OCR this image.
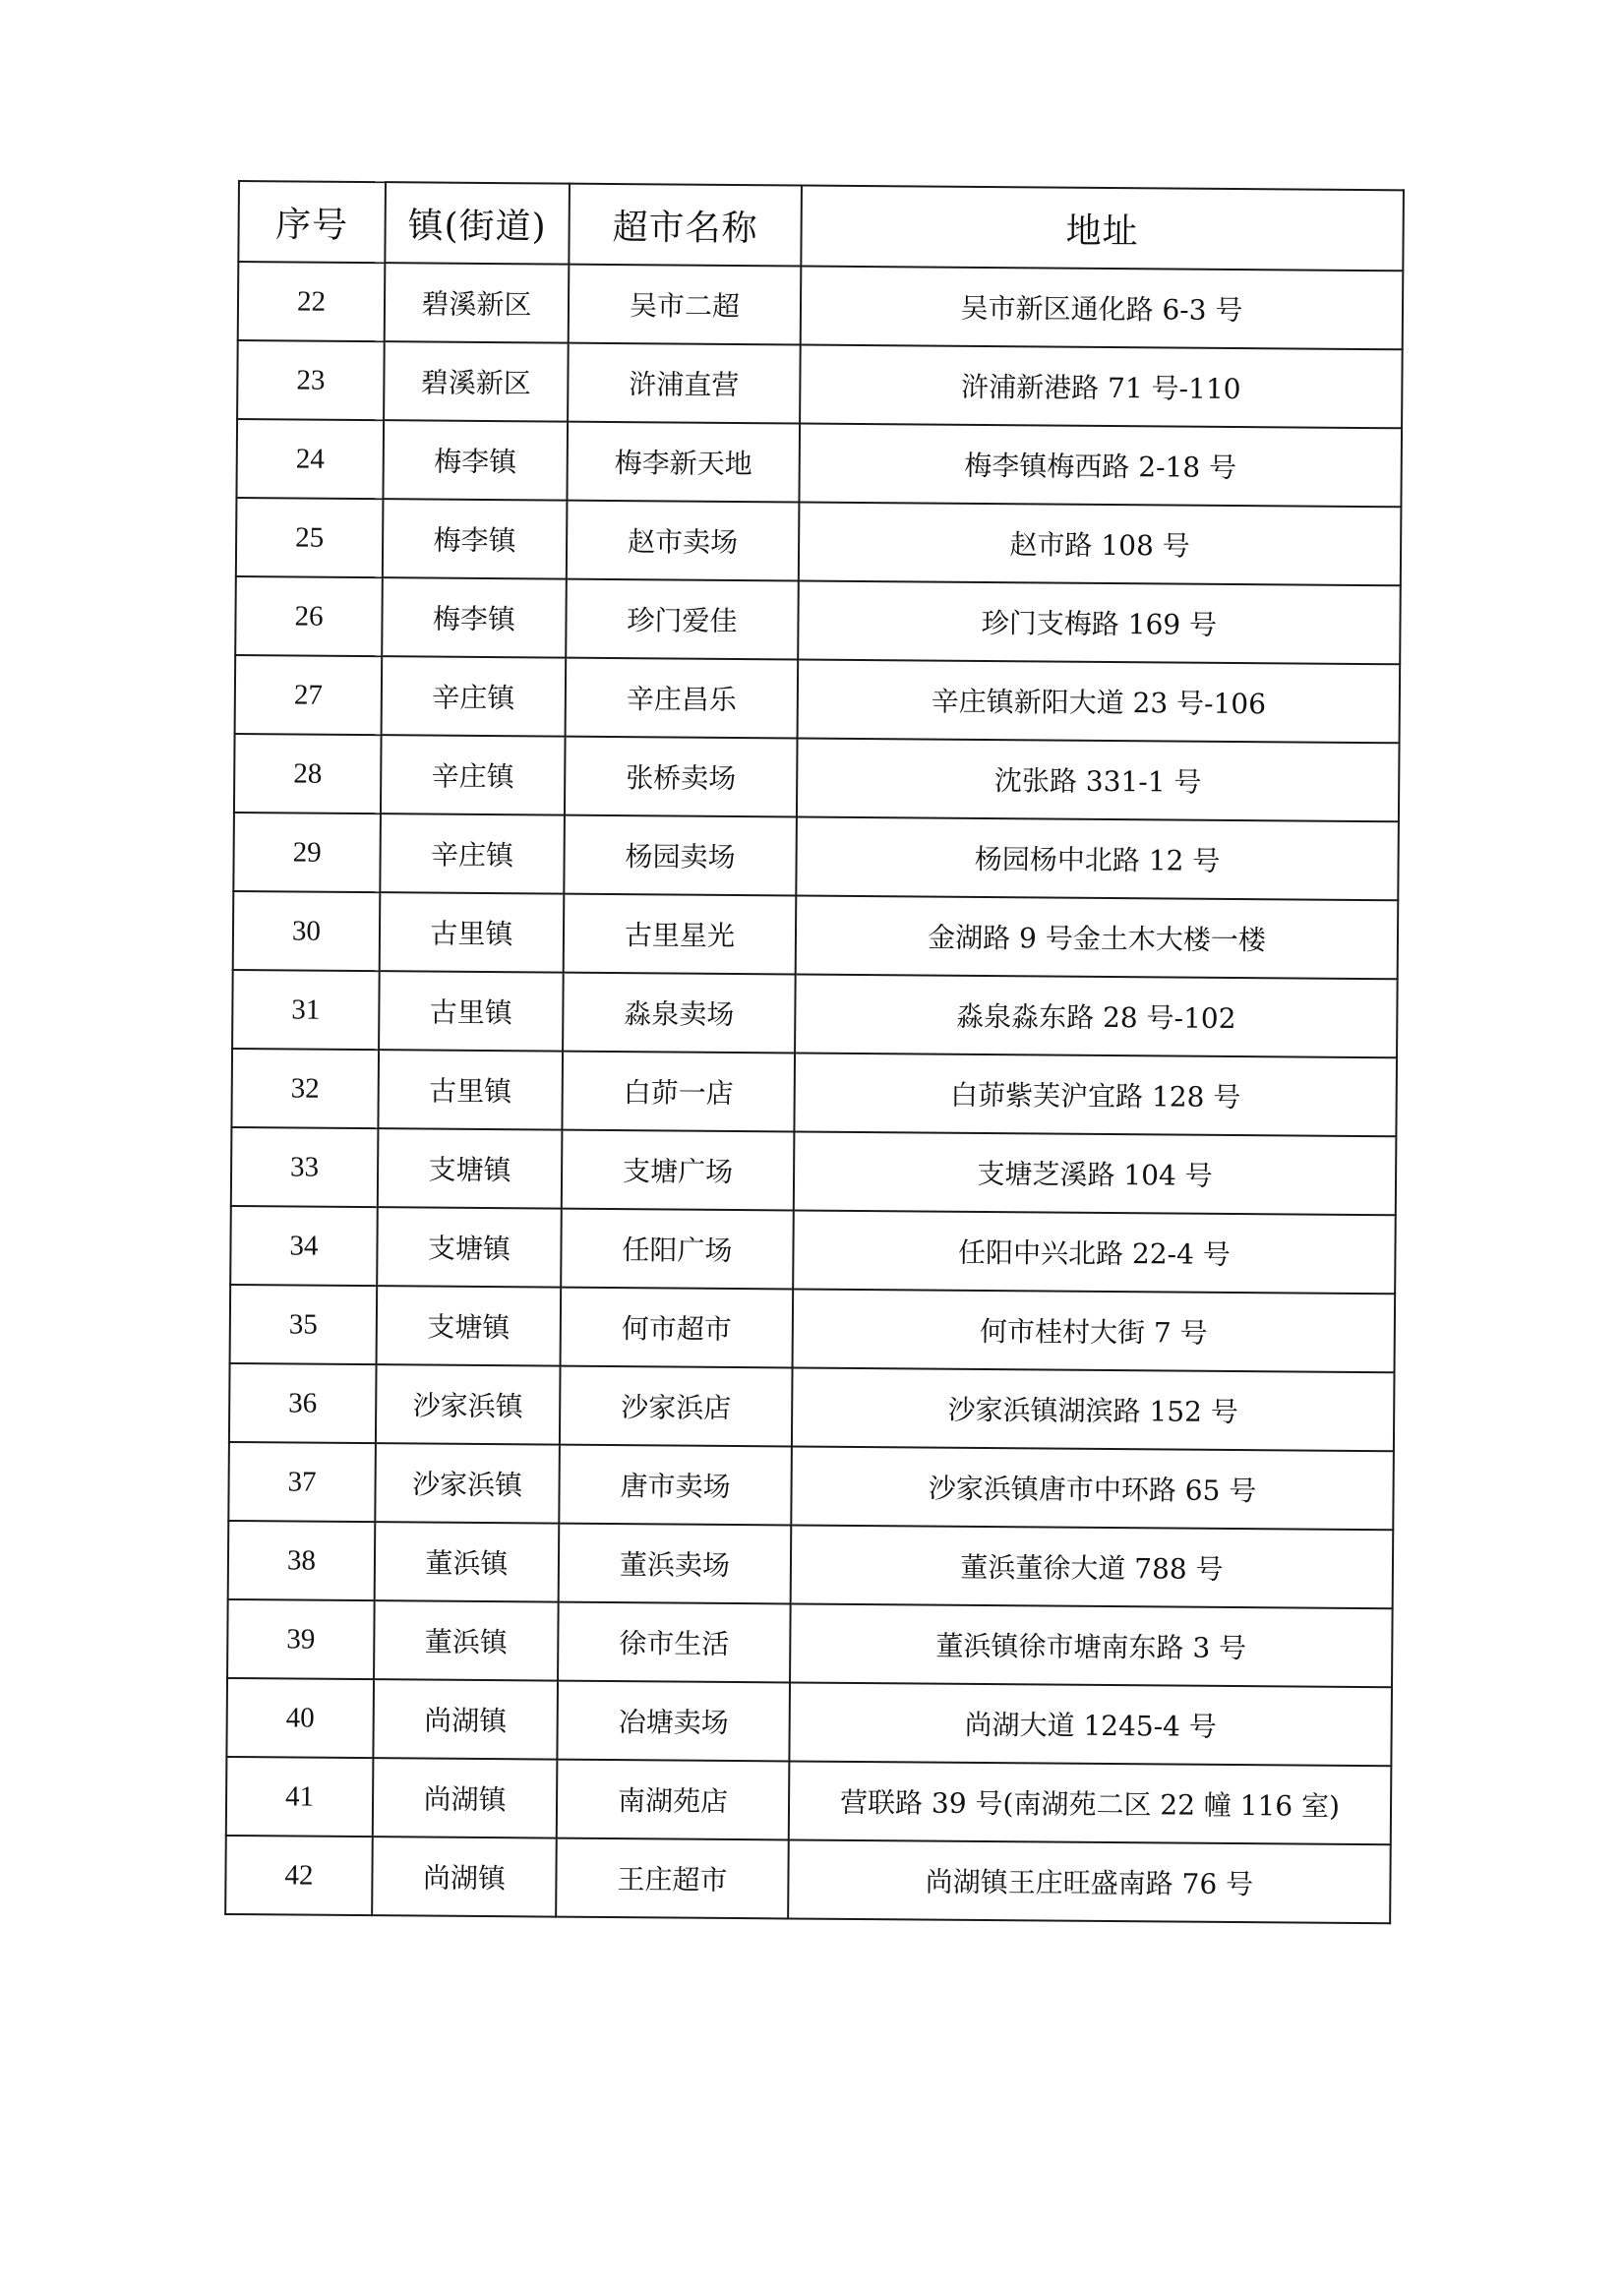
序号	镇(街道)	超市名称	地址
22	碧溪新区	吴市二超	吴市新区通化路 6-3 号
23	碧溪新区	浒浦直营	浒浦新港路 71 号-110
24	梅李镇	梅李新天地	梅李镇梅西路 2-18 号
25	梅李镇	赵市卖场	赵市路 108 号
26	梅李镇	珍门爱佳	珍门支梅路 169 号
27	辛庄镇	辛庄昌乐	辛庄镇新阳大道 23 号-106
28	辛庄镇	张桥卖场	沈张路 331-1 号
29	辛庄镇	杨园卖场	杨园杨中北路 12 号
30	古里镇	古里星光	金湖路 9 号金土木大楼一楼
31	古里镇	淼泉卖场	淼泉淼东路 28 号-102
32	古里镇	白茆一店	白茆紫芙沪宜路 128 号
33	支塘镇	支塘广场	支塘芝溪路 104 号
34	支塘镇	任阳广场	任阳中兴北路 22-4 号
35	支塘镇	何市超市	何市桂村大街 7 号
36	沙家浜镇	沙家浜店	沙家浜镇湖滨路 152 号
37	沙家浜镇	唐市卖场	沙家浜镇唐市中环路 65 号
38	董浜镇	董浜卖场	董浜董徐大道 788 号
39	董浜镇	徐市生活	董浜镇徐市塘南东路 3 号
40	尚湖镇	冶塘卖场	尚湖大道 1245-4 号
41	尚湖镇	南湖苑店	营联路 39 号(南湖苑二区 22 幢 116 室)
42	尚湖镇	王庄超市	尚湖镇王庄旺盛南路 76 号
